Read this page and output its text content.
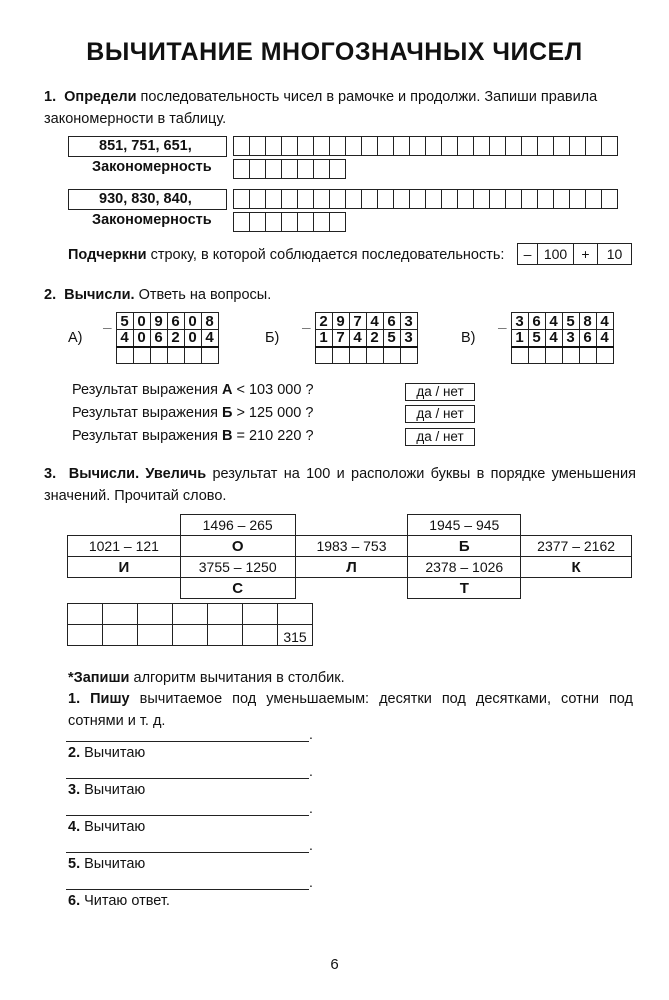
ВЫЧИТАНИЕ МНОГОЗНАЧНЫХ ЧИСЕЛ
1. Определи последовательность чисел в рамочке и продолжи. Запиши правила закономерности в таблицу.
851, 751, 651,
Закономерность
930, 830, 840,
Закономерность
Подчеркни строку, в которой соблюдается последовательность:	– 100	+	10
2. Вычисли. Ответь на вопросы.
А)
_	5	0	9	6	0	8
	4	0	6	2	0	4
							Б)
_	2	9	7	4	6	3
	1	7	4	2	5	3
							В)
_	3	6	4	5	8	4
	1	5	4	3	6	4

Результат выражения А < 103 000 ?	да / нет
Результат выражения Б > 125 000 ?	да / нет
Результат выражения В = 210 220 ?	да / нет
3. Вычисли. Увеличь результат на 100 и расположи буквы в порядке уменьшения значений. Прочитай слово.
	1496 – 265		1945 – 945	
1021 – 121	О	1983 – 753	Б	2377 – 2162
И	3755 – 1250	Л	2378 – 1026	К
	С		Т	

						315
*Запиши алгоритм вычитания в столбик.
1. Пишу вычитаемое под уменьшаемым: десятки под десятками, сотни под сотнями и т. д.
.
2. Вычитаю
.
3. Вычитаю
.
4. Вычитаю
.
5. Вычитаю
.
6. Читаю ответ.
6
